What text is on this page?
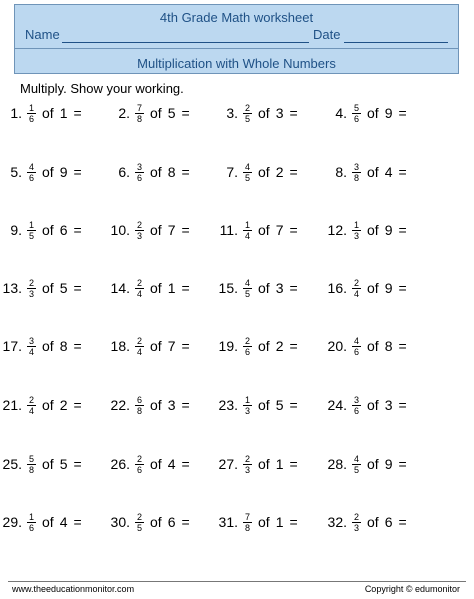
4th Grade Math worksheet
Name	Date
Multiplication with Whole Numbers
Multiply. Show your working.
1. $\frac{1}{6}$ of 1 =	2. $\frac{7}{8}$ of 5 =	3. $\frac{2}{5}$ of 3 =	4. $\frac{5}{6}$ of 9 =
5. $\frac{4}{6}$ of 9 =	6. $\frac{3}{6}$ of 8 =	7. $\frac{4}{5}$ of 2 =	8. $\frac{3}{8}$ of 4 =
9. $\frac{1}{5}$ of 6 =	10. $\frac{2}{3}$ of 7 =	11. $\frac{1}{4}$ of 7 =	12. $\frac{1}{3}$ of 9 =
13. $\frac{2}{3}$ of 5 =	14. $\frac{2}{4}$ of 1 =	15. $\frac{4}{5}$ of 3 =	16. $\frac{2}{4}$ of 9 =
17. $\frac{3}{4}$ of 8 =	18. $\frac{2}{4}$ of 7 =	19. $\frac{2}{6}$ of 2 =	20. $\frac{4}{6}$ of 8 =
21. $\frac{2}{4}$ of 2 =	22. $\frac{6}{8}$ of 3 =	23. $\frac{1}{3}$ of 5 =	24. $\frac{3}{6}$ of 3 =
25. $\frac{5}{8}$ of 5 =	26. $\frac{2}{6}$ of 4 =	27. $\frac{2}{3}$ of 1 =	28. $\frac{4}{5}$ of 9 =
29. $\frac{1}{6}$ of 4 =	30. $\frac{2}{5}$ of 6 =	31. $\frac{7}{8}$ of 1 =	32. $\frac{2}{3}$ of 6 =
www.theeducationmonitor.com	Copyright © edumonitor
